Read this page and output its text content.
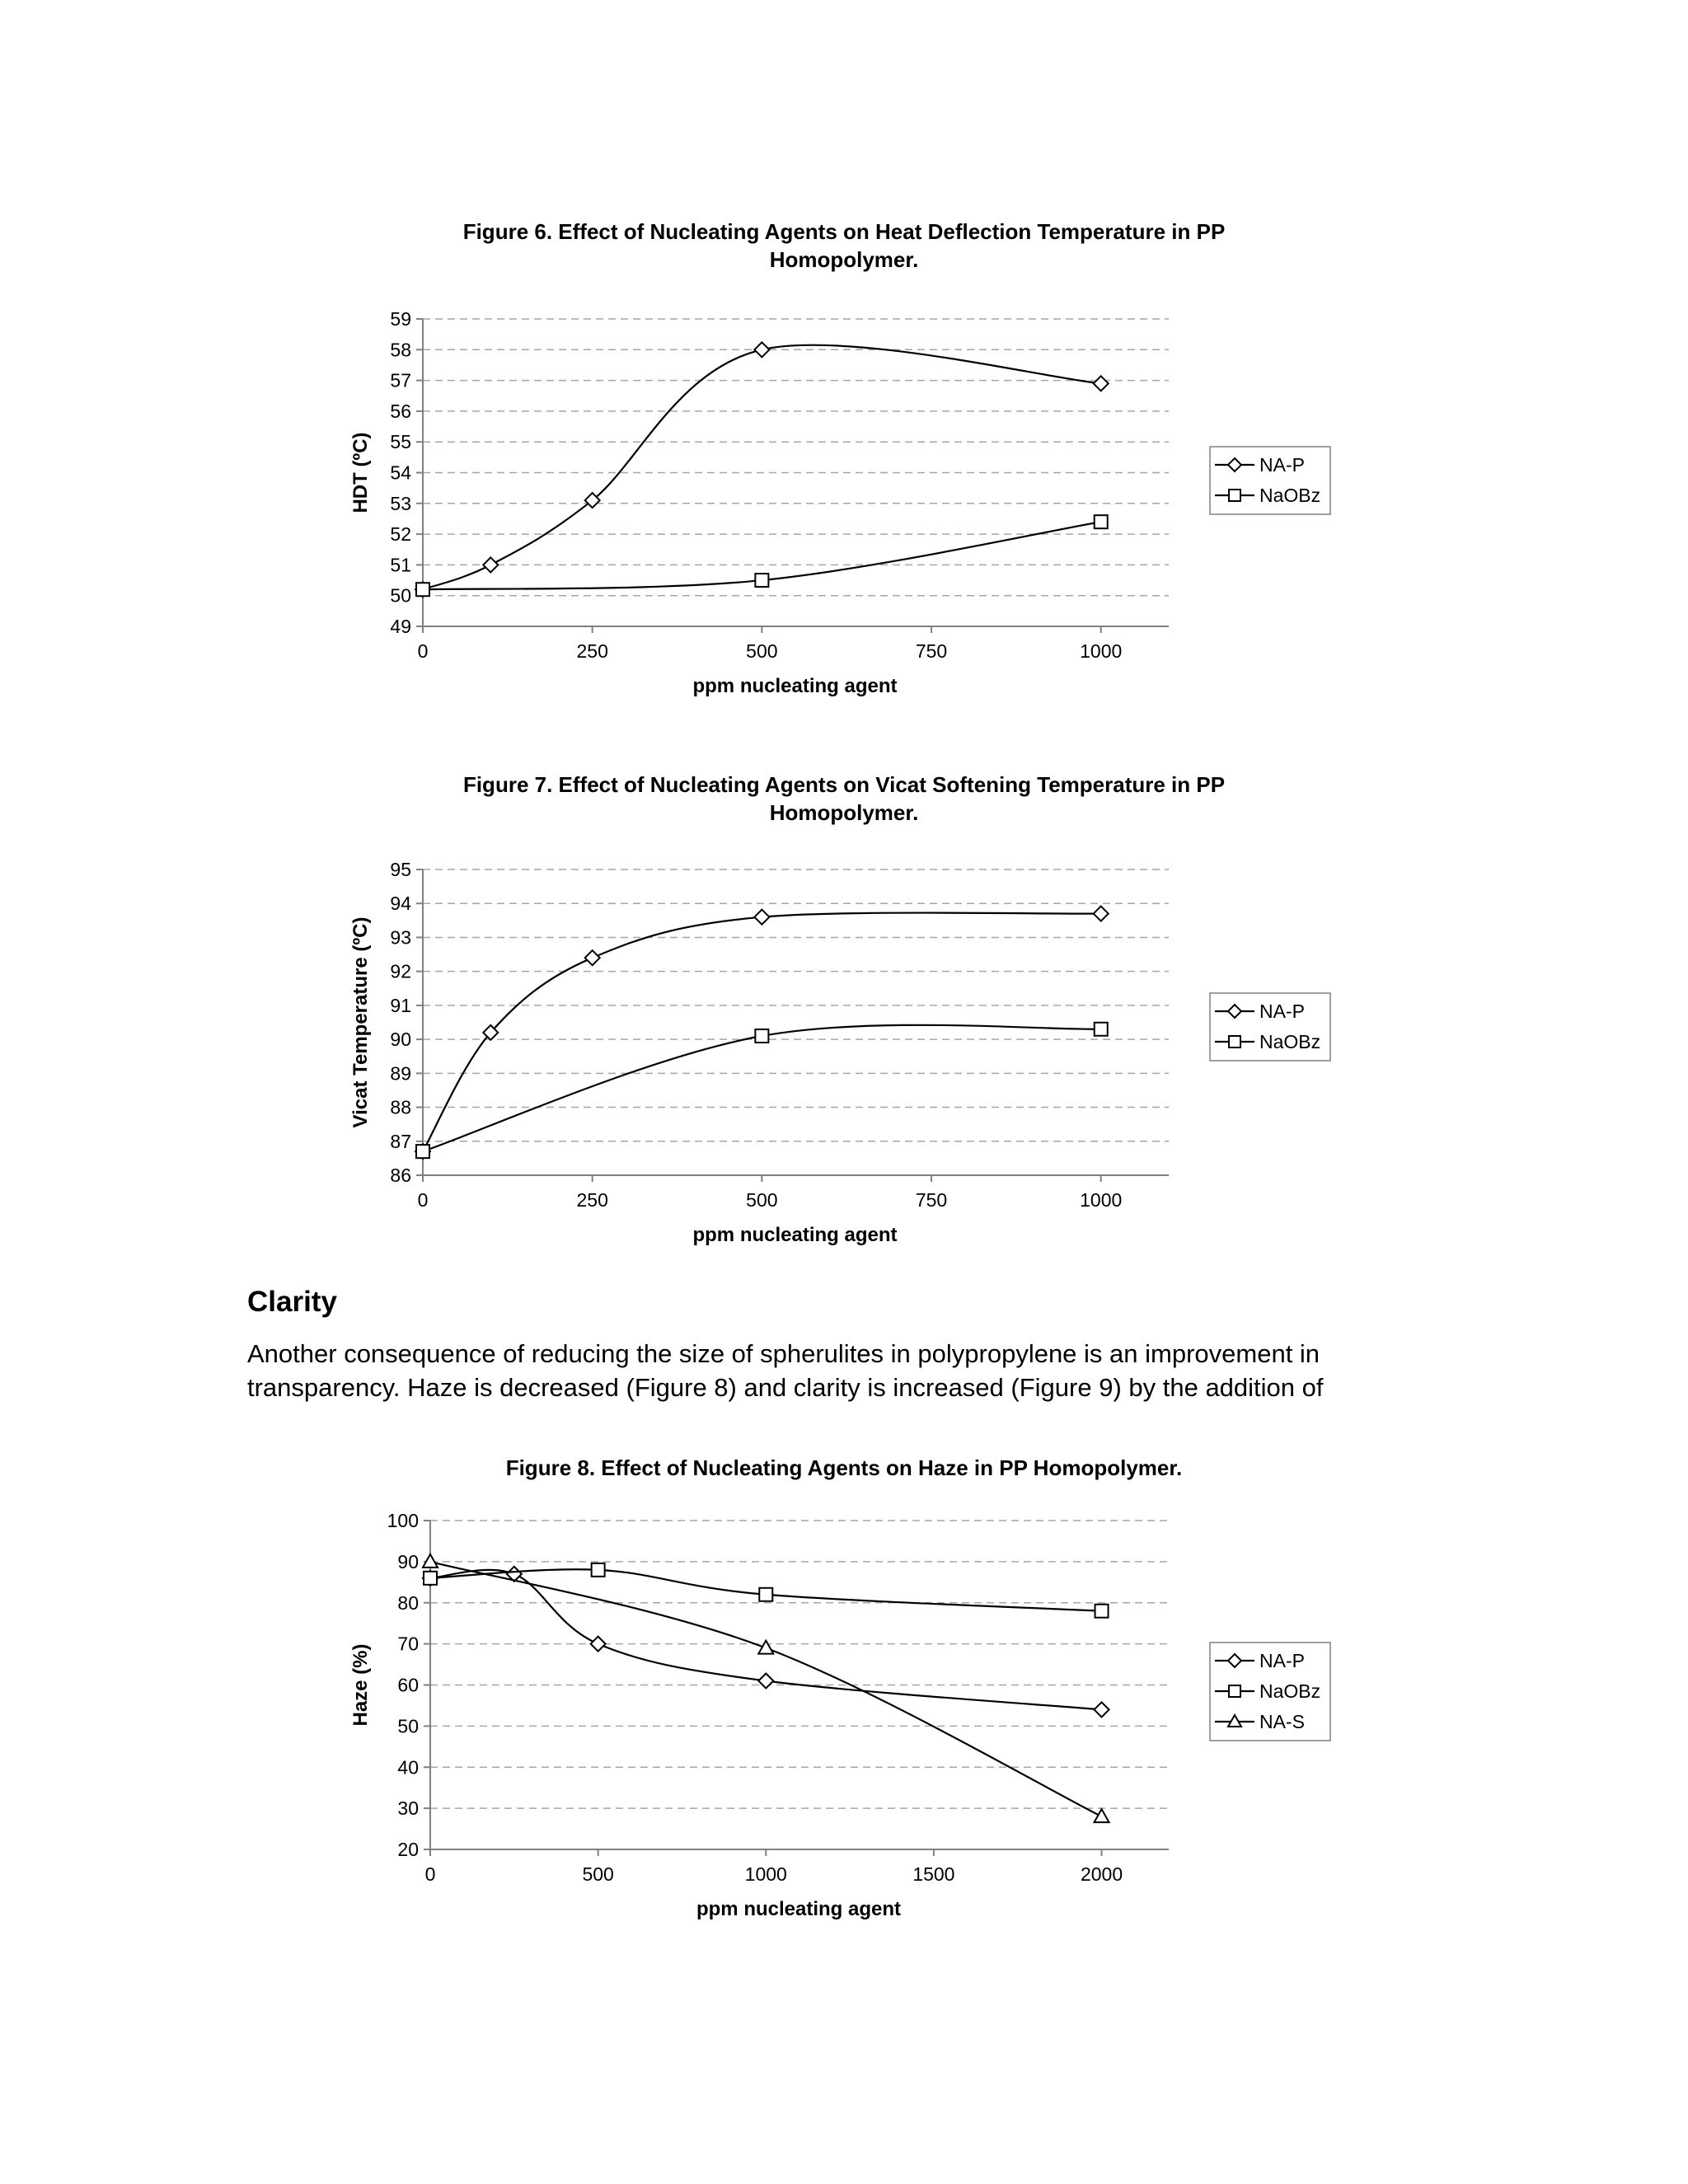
Figure 6. Effect of Nucleating Agents on Heat Deflection Temperature in PP
Homopolymer.
49
50
51
52
53
54
55
56
57
58
59
0	250	500	750	1000
ppm nucleating agent
HDT (ºC)	NA-P
NaOBz
Figure 7. Effect of Nucleating Agents on Vicat Softening Temperature in PP
Homopolymer.
86
87
88
89
90
91
92
93
94
95
0	250	500	750	1000
ppm nucleating agent
Vicat Temperature (ºC)	NA-P
NaOBz
Clarity

Another consequence of reducing the size of spherulites in polypropylene is an improvement in
transparency. Haze is decreased (Figure 8) and clarity is increased (Figure 9) by the addition of

Figure 8. Effect of Nucleating Agents on Haze in PP Homopolymer.
20
30
40
50
60
70
80
90
100
0	500	1000	1500	2000
ppm nucleating agent
Haze (%)	NA-P
NaOBz
NA-S
